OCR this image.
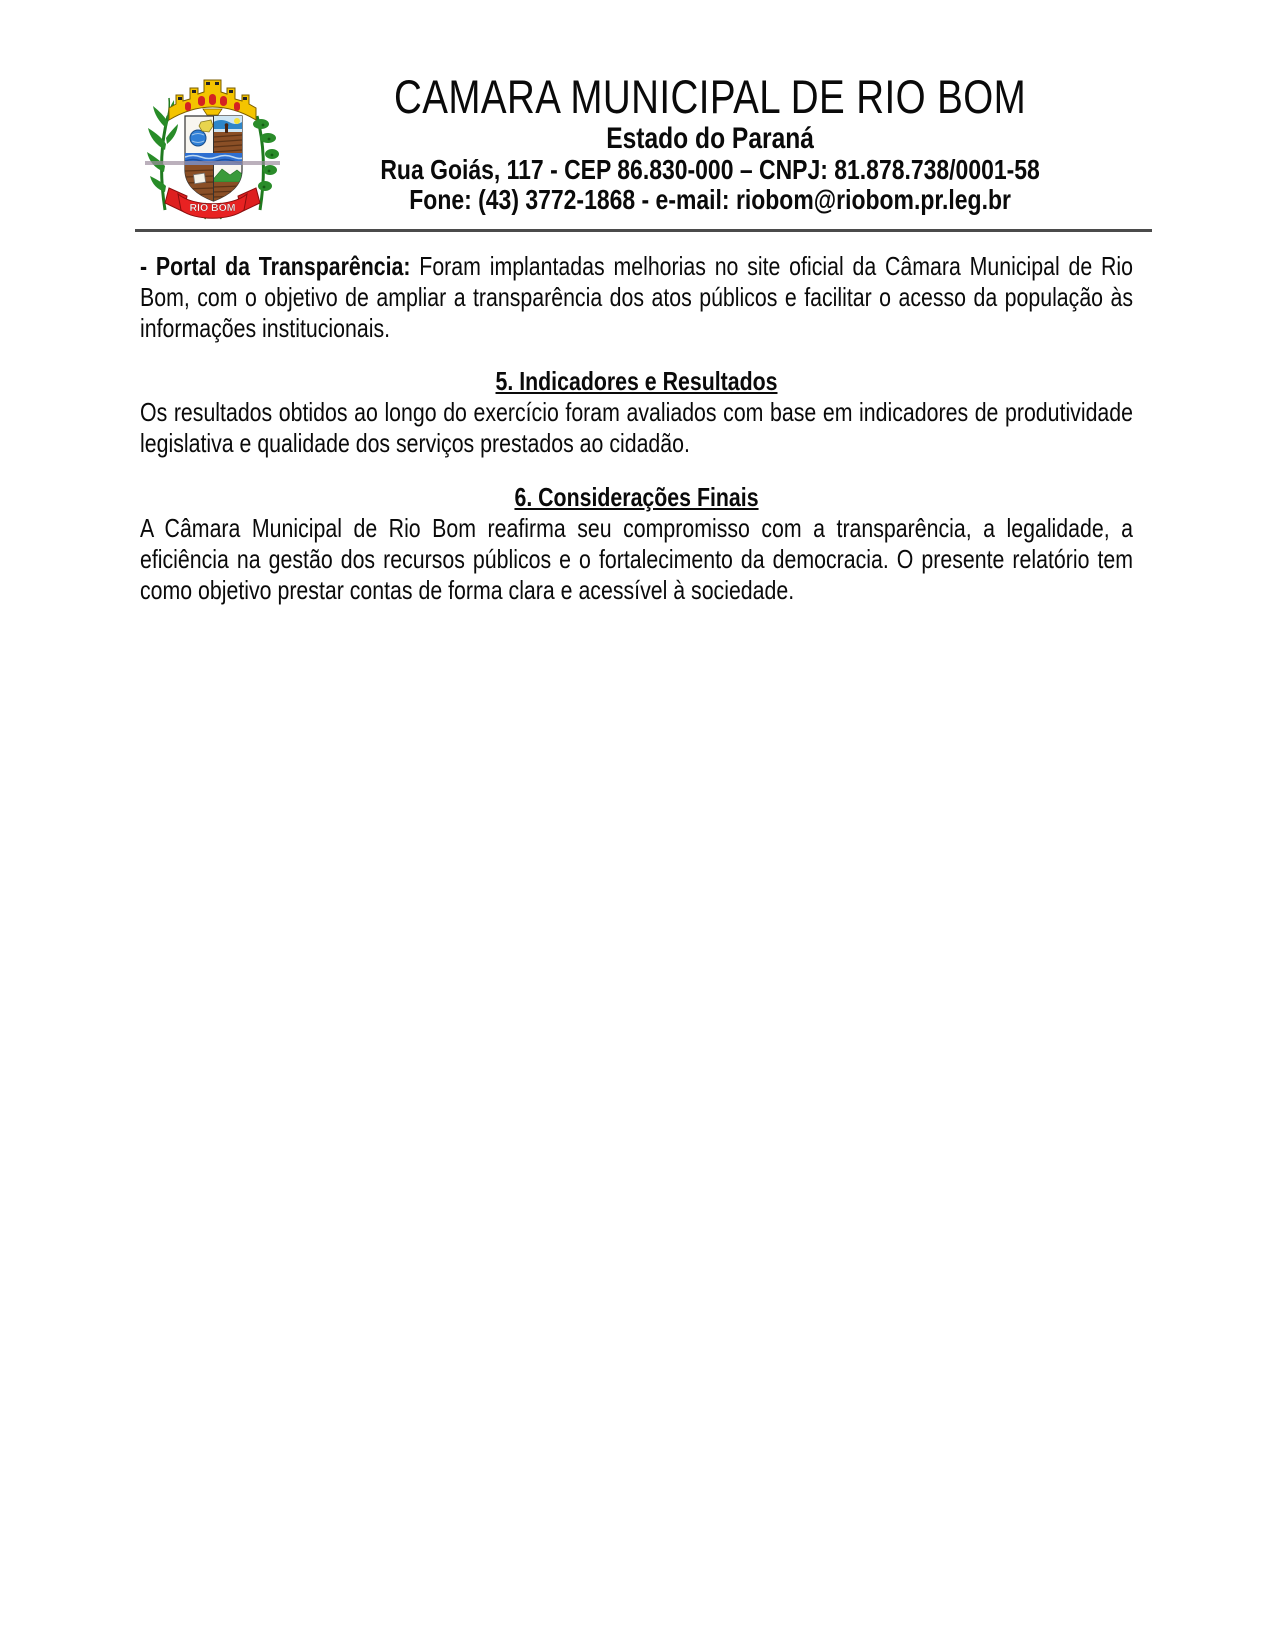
RIO BOM
CAMARA MUNICIPAL DE RIO BOM
Estado do Paraná
Rua Goiás, 117 - CEP 86.830-000 – CNPJ: 81.878.738/0001-58
Fone: (43) 3772-1868 - e-mail: riobom@riobom.pr.leg.br

- Portal da Transparência: Foram implantadas melhorias no site oficial da Câmara Municipal de Rio Bom, com o objetivo de ampliar a transparência dos atos públicos e facilitar o acesso da população às informações institucionais.

5. Indicadores e Resultados

Os resultados obtidos ao longo do exercício foram avaliados com base em indicadores de produtividade legislativa e qualidade dos serviços prestados ao cidadão.

6. Considerações Finais

A Câmara Municipal de Rio Bom reafirma seu compromisso com a transparência, a legalidade, a eficiência na gestão dos recursos públicos e o fortalecimento da democracia. O presente relatório tem como objetivo prestar contas de forma clara e acessível à sociedade.
